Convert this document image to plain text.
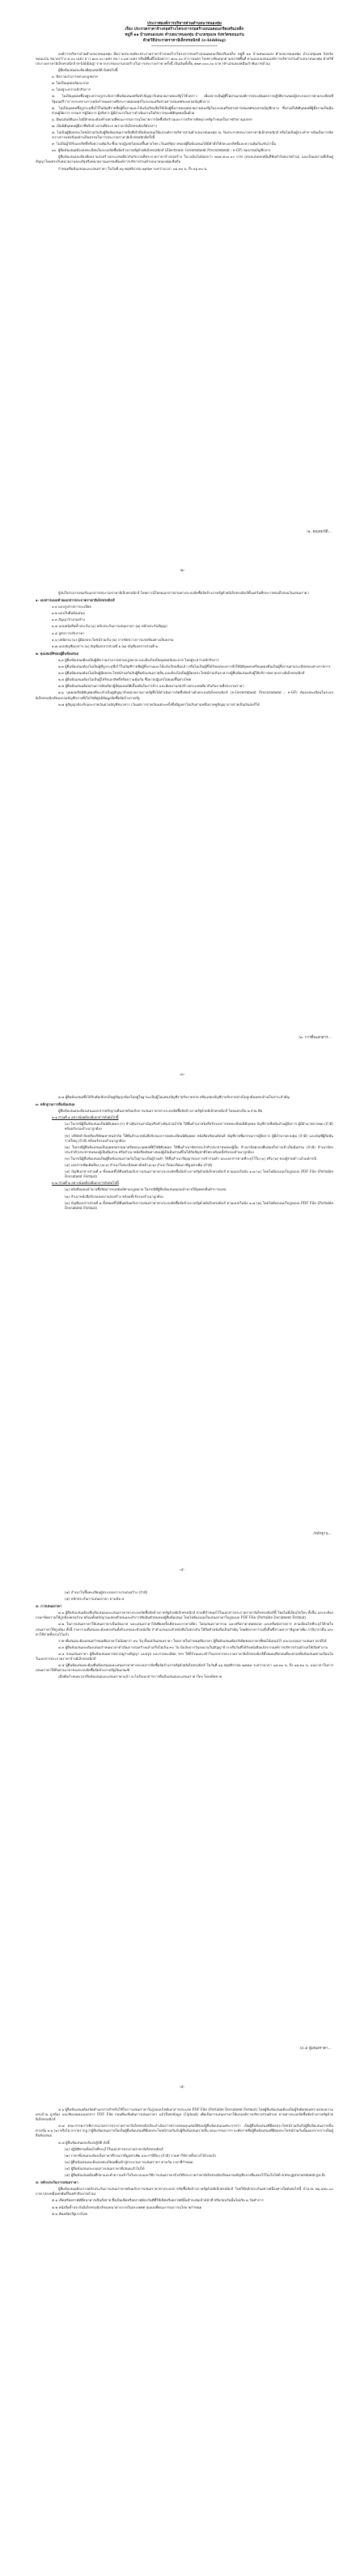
ประกาศองค์การบริหารส่วนตำบลนาหนองทุ่ม
เรื่อง ประกวดราคาจ้างก่อสร้างโครงการก่อสร้างถนนคอนกรีตเสริมเหล็ก
หมู่ที่ ๑๑ บ้านหนองแสง ตำบลนาหนองทุ่ม อำเภอชุมแพ จังหวัดขอนแก่น
ด้วยวิธีประกวดราคาอิเล็กทรอนิกส์ (e-bidding)
-----------------------------------------

องค์การบริหารส่วนตำบลนาหนองทุ่ม มีความประสงค์จะประกวดราคาจ้างก่อสร้างโครงการก่อสร้างถนนคอนกรีตเสริมเหล็ก หมู่ที่ ๑๑ บ้านหนองแสง ตำบลนาหนองทุ่ม อำเภอชุมแพ จังหวัดขอนแก่น ขนาดกว้าง ๔.๐๐ เมตร ยาว ๒๐๐.๐๐ เมตร หนา ๐.๑๕ เมตร หรือมีพื้นที่ไม่น้อยกว่า ๘๐๐.๐๐ ตารางเมตร ไหล่ทางหินคลุกตามสภาพพื้นที่ ตามแบบแปลนองค์การบริหารส่วนตำบลนาหนองทุ่ม ด้วยวิธีประกวดราคาอิเล็กทรอนิกส์ (e-bidding) ราคากลางของงานก่อสร้างในการประกวดราคาครั้งนี้ เป็นเงินทั้งสิ้น ๕๒๙,๐๐๐.๐๐ บาท (ห้าแสนสองหมื่นเก้าพันบาทถ้วน)

ผู้ยื่นข้อเสนอจะต้องมีคุณสมบัติ ดังต่อไปนี้

๑. มีความสามารถตามกฎหมาย

๒. ไม่เป็นบุคคลล้มละลาย

๓. ไม่อยู่ระหว่างเลิกกิจการ

๔. ไม่เป็นบุคคลซึ่งอยู่ระหว่างถูกระงับการยื่นข้อเสนอหรือทำสัญญากับหน่วยงานของรัฐไว้ชั่วคราว เนื่องจากเป็นผู้ที่ไม่ผ่านเกณฑ์การประเมินผลการปฏิบัติงานของผู้ประกอบการตามระเบียบที่รัฐมนตรีว่าการกระทรวงการคลังกำหนดตามที่ประกาศเผยแพร่ในระบบเครือข่ายสารสนเทศของกรมบัญชีกลาง

๕. ไม่เป็นบุคคลซึ่งถูกระบุชื่อไว้ในบัญชีรายชื่อผู้ทิ้งงานและได้แจ้งเวียนชื่อให้เป็นผู้ทิ้งงานของหน่วยงานของรัฐในระบบเครือข่ายสารสนเทศของกรมบัญชีกลาง ซึ่งรวมถึงนิติบุคคลที่ผู้ทิ้งงานเป็นหุ้นส่วนผู้จัดการ กรรมการผู้จัดการ ผู้บริหาร ผู้มีอำนาจในการดำเนินงานในกิจการของนิติบุคคลนั้นด้วย

๖. มีคุณสมบัติและไม่มีลักษณะต้องห้ามตามที่คณะกรรมการนโยบายการจัดซื้อจัดจ้างและการบริหารพัสดุภาครัฐกำหนดในราชกิจจานุเบกษา

๗. เป็นนิติบุคคลผู้มีอาชีพรับจ้างงานที่ประกวดราคาอิเล็กทรอนิกส์ดังกล่าว

๘. ไม่เป็นผู้มีผลประโยชน์ร่วมกันกับผู้ยื่นข้อเสนอรายอื่นที่เข้ายื่นข้อเสนอให้แก่องค์การบริหารส่วนตำบลนาหนองทุ่ม ณ วันประกาศประกวดราคาอิเล็กทรอนิกส์ หรือไม่เป็นผู้กระทำการอันเป็นการขัดขวางการแข่งขันอย่างเป็นธรรมในการประกวดราคาอิเล็กทรอนิกส์ครั้งนี้

๙. ไม่เป็นผู้ได้รับเอกสิทธิ์หรือความคุ้มกัน ซึ่งอาจปฏิเสธไม่ยอมขึ้นศาลไทย เว้นแต่รัฐบาลของผู้ยื่นข้อเสนอได้มีคำสั่งให้สละเอกสิทธิ์และความคุ้มกันเช่นว่านั้น

๑๐. ผู้ยื่นข้อเสนอต้องลงทะเบียนในระบบจัดซื้อจัดจ้างภาครัฐด้วยอิเล็กทรอนิกส์ (Electronic Government Procurement : e-GP) ของกรมบัญชีกลาง

ผู้ยื่นข้อเสนอจะต้องมีผลงานก่อสร้างประเภทเดียวกันกับงานที่ประกวดราคาจ้างก่อสร้าง ในวงเงินไม่น้อยกว่า ๒๖๔,๕๐๐.๐๐ บาท (สองแสนหกหมื่นสี่พันห้าร้อยบาทถ้วน) และเป็นผลงานที่เป็นคู่สัญญาโดยตรงกับหน่วยงานของรัฐหรือหน่วยงานเอกชนที่องค์การบริหารส่วนตำบลนาหนองทุ่มเชื่อถือ

กำหนดยื่นข้อเสนอและเสนอราคา ในวันที่ ๑๖ พฤศจิกายน ๒๕๕๙ ระหว่างเวลา ๐๘.๓๐ น. ถึง ๑๖.๓๐ น.

/๑. คุณสมบัติ...
-๒-

ผู้สนใจสามารถขอรับเอกสารประกวดราคาอิเล็กทรอนิกส์ โดยดาวน์โหลดเอกสารผ่านทางระบบจัดซื้อจัดจ้างภาครัฐด้วยอิเล็กทรอนิกส์ตั้งแต่วันที่ประกาศจนถึงก่อนวันเสนอราคา

๑. เอกสารแนบท้ายเอกสารประกวดราคาอิเล็กทรอนิกส์

๑.๑ แบบรูปรายการละเอียด

๑.๒ แบบใบยื่นข้อเสนอ

๑.๓ สัญญาจ้างก่อสร้าง

๑.๔ แบบหนังสือค้ำประกัน (๑) หลักประกันการเสนอราคา (๒) หลักประกันสัญญา

๑.๕ สูตรการปรับราคา

๑.๖ บทนิยาม (๑) ผู้มีผลประโยชน์ร่วมกัน (๒) การขัดขวางการแข่งขันอย่างเป็นธรรม

๑.๗ แบบบัญชีเอกสาร (๑) บัญชีเอกสารส่วนที่ ๑ (๒) บัญชีเอกสารส่วนที่ ๒

๒. คุณสมบัติของผู้ยื่นข้อเสนอ

๒.๑ ผู้ยื่นข้อเสนอต้องเป็นผู้มีความสามารถตามกฎหมาย และต้องไม่เป็นบุคคลล้มละลาย ไม่อยู่ระหว่างเลิกกิจการ

๒.๒ ผู้ยื่นข้อเสนอต้องไม่เป็นผู้ที่ถูกระบุชื่อไว้ในบัญชีรายชื่อผู้ทิ้งงานและได้แจ้งเวียนชื่อแล้ว หรือไม่เป็นผู้ที่ได้รับผลของการสั่งให้นิติบุคคลหรือบุคคลอื่นเป็นผู้ทิ้งงานตามระเบียบของทางราชการ

๒.๓ ผู้ยื่นข้อเสนอต้องไม่เป็นผู้มีผลประโยชน์ร่วมกันกับผู้ยื่นข้อเสนอรายอื่น และต้องไม่เป็นผู้มีผลประโยชน์ร่วมกันระหว่างผู้ยื่นข้อเสนอกับผู้ให้บริการตลาดกลางอิเล็กทรอนิกส์

๒.๔ ผู้ยื่นข้อเสนอต้องไม่เป็นผู้ได้รับเอกสิทธิ์หรือความคุ้มกัน ซึ่งอาจปฏิเสธไม่ยอมขึ้นศาลไทย

๒.๕ ผู้ยื่นข้อเสนอต้องผ่านการคัดเลือกผู้มีคุณสมบัติเบื้องต้นในการจ้าง และมีผลงานก่อสร้างประเภทเดียวกันกับงานที่ประกวดราคา

๒.๖ บุคคลหรือนิติบุคคลที่จะเข้าเป็นคู่สัญญากับหน่วยงานภาครัฐซึ่งได้ดำเนินการจัดซื้อจัดจ้างด้วยระบบอิเล็กทรอนิกส์ (e-Government Procurement : e-GP) ต้องลงทะเบียนในระบบอิเล็กทรอนิกส์ของกรมบัญชีกลางที่เว็บไซต์ศูนย์ข้อมูลจัดซื้อจัดจ้างภาครัฐ

๒.๗ คู่สัญญาต้องรับและจ่ายเงินผ่านบัญชีธนาคาร เว้นแต่การจ่ายเงินแต่ละครั้งซึ่งมีมูลค่าไม่เกินสามหมื่นบาทคู่สัญญาอาจจ่ายเป็นเงินสดก็ได้

/๓. การยื่นเอกสาร...
-๓-

๒.๘ ผู้ยื่นข้อเสนอซึ่งได้รับคัดเลือกเป็นคู่สัญญาต้องไม่อยู่ในฐานะเป็นผู้ไม่แสดงบัญชีรายรับรายจ่าย หรือแสดงบัญชีรายรับรายจ่ายไม่ถูกต้องครบถ้วนในสาระสำคัญ

๓. หลักฐานการยื่นข้อเสนอ

ผู้ยื่นข้อเสนอจะต้องเสนอเอกสารหลักฐานยื่นมาพร้อมกับการเสนอราคาทางระบบจัดซื้อจัดจ้างภาครัฐด้วยอิเล็กทรอนิกส์ โดยแยกเป็น ๒ ส่วน คือ

๓.๑ ส่วนที่ ๑ อย่างน้อยต้องมีเอกสารดังต่อไปนี้

(๑) ในกรณีผู้ยื่นข้อเสนอเป็นนิติบุคคล (ก) ห้างหุ้นส่วนสามัญหรือห้างหุ้นส่วนจำกัด ให้ยื่นสำเนาหนังสือรับรองการจดทะเบียนนิติบุคคล บัญชีรายชื่อหุ้นส่วนผู้จัดการ ผู้มีอำนาจควบคุม (ถ้ามี) พร้อมรับรองสำเนาถูกต้อง

(ข) บริษัทจำกัดหรือบริษัทมหาชนจำกัด ให้ยื่นสำเนาหนังสือรับรองการจดทะเบียนนิติบุคคล หนังสือบริคณห์สนธิ บัญชีรายชื่อกรรมการผู้จัดการ ผู้มีอำนาจควบคุม (ถ้ามี) และบัญชีผู้ถือหุ้นรายใหญ่ (ถ้ามี) พร้อมรับรองสำเนาถูกต้อง

(๒) ในกรณีผู้ยื่นข้อเสนอเป็นบุคคลธรรมดาหรือคณะบุคคลที่มิใช่นิติบุคคล ให้ยื่นสำเนาบัตรประจำตัวประชาชนของผู้นั้น สำเนาข้อตกลงที่แสดงถึงการเข้าเป็นหุ้นส่วน (ถ้ามี) สำเนาบัตรประจำตัวประชาชนของผู้เป็นหุ้นส่วน หรือสำเนาหนังสือเดินทางของผู้เป็นหุ้นส่วนที่ไม่ได้ถือสัญชาติไทย พร้อมทั้งรับรองสำเนาถูกต้อง

(๓) ในกรณีผู้ยื่นข้อเสนอเป็นผู้ยื่นข้อเสนอร่วมกันในฐานะเป็นผู้ร่วมค้า ให้ยื่นสำเนาสัญญาของการเข้าร่วมค้า และเอกสารตามที่ระบุไว้ใน (๑) หรือ (๒) ของผู้ร่วมค้า แล้วแต่กรณี

(๔) เอกสารเพิ่มเติมอื่นๆ (๔.๑) สำเนาใบทะเบียนพาณิชย์ (๔.๒) สำเนาใบทะเบียนภาษีมูลค่าเพิ่ม (ถ้ามี)

(๕) บัญชีเอกสารส่วนที่ ๑ ทั้งหมดที่ได้ยื่นพร้อมกับการเสนอราคาทางระบบจัดซื้อจัดจ้างภาครัฐด้วยอิเล็กทรอนิกส์ ตามแบบในข้อ ๑.๗ (๑) โดยไม่ต้องแนบในรูปแบบ PDF File (Portable Document Format)

๓.๒ ส่วนที่ ๒ อย่างน้อยต้องมีเอกสารดังต่อไปนี้

(๑) หนังสือมอบอำนาจซึ่งปิดอากรแสตมป์ตามกฎหมาย ในกรณีที่ผู้ยื่นข้อเสนอมอบอำนาจให้บุคคลอื่นทำการแทน

(๒) สำเนาหนังสือรับรองผลงานก่อสร้าง พร้อมทั้งรับรองสำเนาถูกต้อง

(๓) บัญชีเอกสารส่วนที่ ๒ ทั้งหมดที่ได้ยื่นพร้อมกับการเสนอราคาทางระบบจัดซื้อจัดจ้างภาครัฐด้วยอิเล็กทรอนิกส์ ตามแบบในข้อ ๑.๗ (๒) โดยไม่ต้องแนบในรูปแบบ PDF File (Portable Document Format)

/หลักฐาน...
-๔-

(๔) สำเนาใบขึ้นทะเบียนผู้ประกอบการงานก่อสร้าง (ถ้ามี)

(๕) หลักประกันการเสนอราคา ตามข้อ ๕

๔. การเสนอราคา

๔.๑ ผู้ยื่นข้อเสนอต้องยื่นข้อเสนอและเสนอราคาทางระบบจัดซื้อจัดจ้างภาครัฐด้วยอิเล็กทรอนิกส์ ตามที่กำหนดไว้ในเอกสารประกวดราคาอิเล็กทรอนิกส์นี้ โดยไม่มีเงื่อนไขใดๆ ทั้งสิ้น และจะต้องกรอกข้อความให้ถูกต้องครบถ้วน พร้อมทั้งหลักฐานแสดงตัวตนและทำการยืนยันตัวตนของผู้ยื่นข้อเสนอ โดยไม่ต้องแนบใบเสนอราคาในรูปแบบ PDF File (Portable Document Format)

๔.๒ ในการเสนอราคาให้เสนอราคาเป็นเงินบาท และเสนอราคาได้เพียงครั้งเดียวและราคาเดียว โดยเสนอราคารวม และหรือราคาต่อหน่วย และหรือต่อรายการ ตามเงื่อนไขที่ระบุไว้ท้ายใบเสนอราคาให้ถูกต้อง ทั้งนี้ ราคารวมที่เสนอจะต้องตรงกันทั้งตัวเลขและตัวหนังสือ ถ้าตัวเลขและตัวหนังสือไม่ตรงกัน ให้ถือตัวหนังสือเป็นสำคัญ โดยคิดราคารวมทั้งสิ้นซึ่งรวมค่าภาษีมูลค่าเพิ่ม ภาษีอากรอื่น และค่าใช้จ่ายทั้งปวงไว้แล้ว

ราคาที่เสนอจะต้องเสนอกำหนดยืนราคาไม่น้อยกว่า ๙๐ วัน ตั้งแต่วันเสนอราคา โดยภายในกำหนดยืนราคา ผู้ยื่นข้อเสนอต้องรับผิดชอบราคาที่ตนได้เสนอไว้ และจะถอนการเสนอราคามิได้

๔.๓ ผู้ยื่นข้อเสนอจะต้องเสนอกำหนดเวลาดำเนินการก่อสร้างแล้วเสร็จไม่เกิน ๙๐ วัน นับถัดจากวันลงนามในสัญญาจ้าง หรือวันที่ได้รับหนังสือแจ้งจากองค์การบริหารส่วนตำบลให้เริ่มทำงาน

๔.๔ ก่อนเสนอราคา ผู้ยื่นข้อเสนอควรตรวจดูร่างสัญญา แบบรูป และรายละเอียด ฯลฯ ให้ถี่ถ้วนและเข้าใจเอกสารประกวดราคาอิเล็กทรอนิกส์ทั้งหมดเสียก่อนที่จะตกลงยื่นข้อเสนอตามเงื่อนไขในเอกสารประกวดราคาจ้างอิเล็กทรอนิกส์

๔.๕ ผู้ยื่นข้อเสนอจะต้องยื่นข้อเสนอและเสนอราคาทางระบบการจัดซื้อจัดจ้างภาครัฐด้วยอิเล็กทรอนิกส์ ในวันที่ ๑๖ พฤศจิกายน ๒๕๕๙ ระหว่างเวลา ๐๘.๓๐ น. ถึง ๑๖.๓๐ น. และเวลาในการเสนอราคาให้ถือตามเวลาของระบบจัดซื้อจัดจ้างภาครัฐเป็นเกณฑ์

เมื่อพ้นกำหนดเวลายื่นข้อเสนอและเสนอราคาแล้ว จะไม่รับเอกสารการยื่นข้อเสนอและเสนอราคาใดๆ โดยเด็ดขาด

/๔.๕ ผู้เสนอราคา...
-๕-

๔.๖ ผู้ยื่นข้อเสนอต้องจัดทำเอกสารสำหรับใช้ในการเสนอราคาในรูปแบบไฟล์เอกสารประเภท PDF File (Portable Document Format) โดยผู้ยื่นข้อเสนอต้องเป็นผู้รับผิดชอบตรวจสอบความครบถ้วน ถูกต้อง และชัดเจนของเอกสาร PDF File ก่อนที่จะยืนยันการเสนอราคา แล้วจึงส่งข้อมูล (Upload) เพื่อเป็นการเสนอราคาให้แก่องค์การบริหารส่วนตำบล ผ่านทางระบบจัดซื้อจัดจ้างภาครัฐด้วยอิเล็กทรอนิกส์

๔.๗ คณะกรรมการพิจารณาผลการประกวดราคาอิเล็กทรอนิกส์จะดำเนินการตรวจสอบคุณสมบัติของผู้ยื่นข้อเสนอแต่ละรายว่า เป็นผู้ยื่นข้อเสนอที่มีผลประโยชน์ร่วมกันกับผู้ยื่นข้อเสนอรายอื่นตามข้อ ๑.๖ (๑) หรือไม่ หากปรากฏว่าผู้ยื่นข้อเสนอรายใดเป็นผู้ยื่นข้อเสนอที่มีผลประโยชน์ร่วมกันกับผู้ยื่นข้อเสนอรายอื่น คณะกรรมการฯ จะตัดรายชื่อผู้ยื่นข้อเสนอที่มีผลประโยชน์ร่วมกันนั้นออกจากการเป็นผู้ยื่นข้อเสนอ

๔.๘ ผู้ยื่นข้อเสนอจะต้องปฏิบัติ ดังนี้

(๑) ปฏิบัติตามเงื่อนไขที่ระบุไว้ในเอกสารประกวดราคาอิเล็กทรอนิกส์

(๒) ราคาที่เสนอจะต้องเป็นราคาที่รวมภาษีมูลค่าเพิ่ม และภาษีอื่นๆ (ถ้ามี) รวมค่าใช้จ่ายทั้งปวงไว้ด้วยแล้ว

(๓) ผู้ยื่นข้อเสนอจะต้องลงทะเบียนเพื่อเข้าสู่กระบวนการเสนอราคา ตามวัน เวลาที่กำหนด

(๔) ผู้ยื่นข้อเสนอจะถอนการเสนอราคาที่เสนอแล้วไม่ได้

(๕) ผู้ยื่นข้อเสนอต้องศึกษาและทำความเข้าใจในระบบและวิธีการเสนอราคาด้วยวิธีประกวดราคาอิเล็กทรอนิกส์ของกรมบัญชีกลางที่แสดงไว้ในเว็บไซต์ www.gprocurement.go.th

๕. หลักประกันการเสนอราคา

ผู้ยื่นข้อเสนอต้องวางหลักประกันการเสนอราคาพร้อมกับการเสนอราคาทางระบบการจัดซื้อจัดจ้างภาครัฐด้วยอิเล็กทรอนิกส์ โดยใช้หลักประกันอย่างหนึ่งอย่างใดดังต่อไปนี้ จำนวน ๒๖,๔๕๐.๐๐ บาท (สองหมื่นหกพันสี่ร้อยห้าสิบบาทถ้วน)

๕.๑ เช็คหรือดราฟท์ที่ธนาคารเซ็นสั่งจ่าย ซึ่งเป็นเช็คหรือดราฟท์ลงวันที่ที่ใช้เช็คหรือดราฟท์นั้นชำระต่อเจ้าหน้าที่ หรือก่อนวันนั้นไม่เกิน ๓ วันทำการ

๕.๒ หนังสือค้ำประกันอิเล็กทรอนิกส์ของธนาคารภายในประเทศตามแบบที่คณะกรรมการนโยบายกำหนด

๕.๓ พันธบัตรรัฐบาลไทย
